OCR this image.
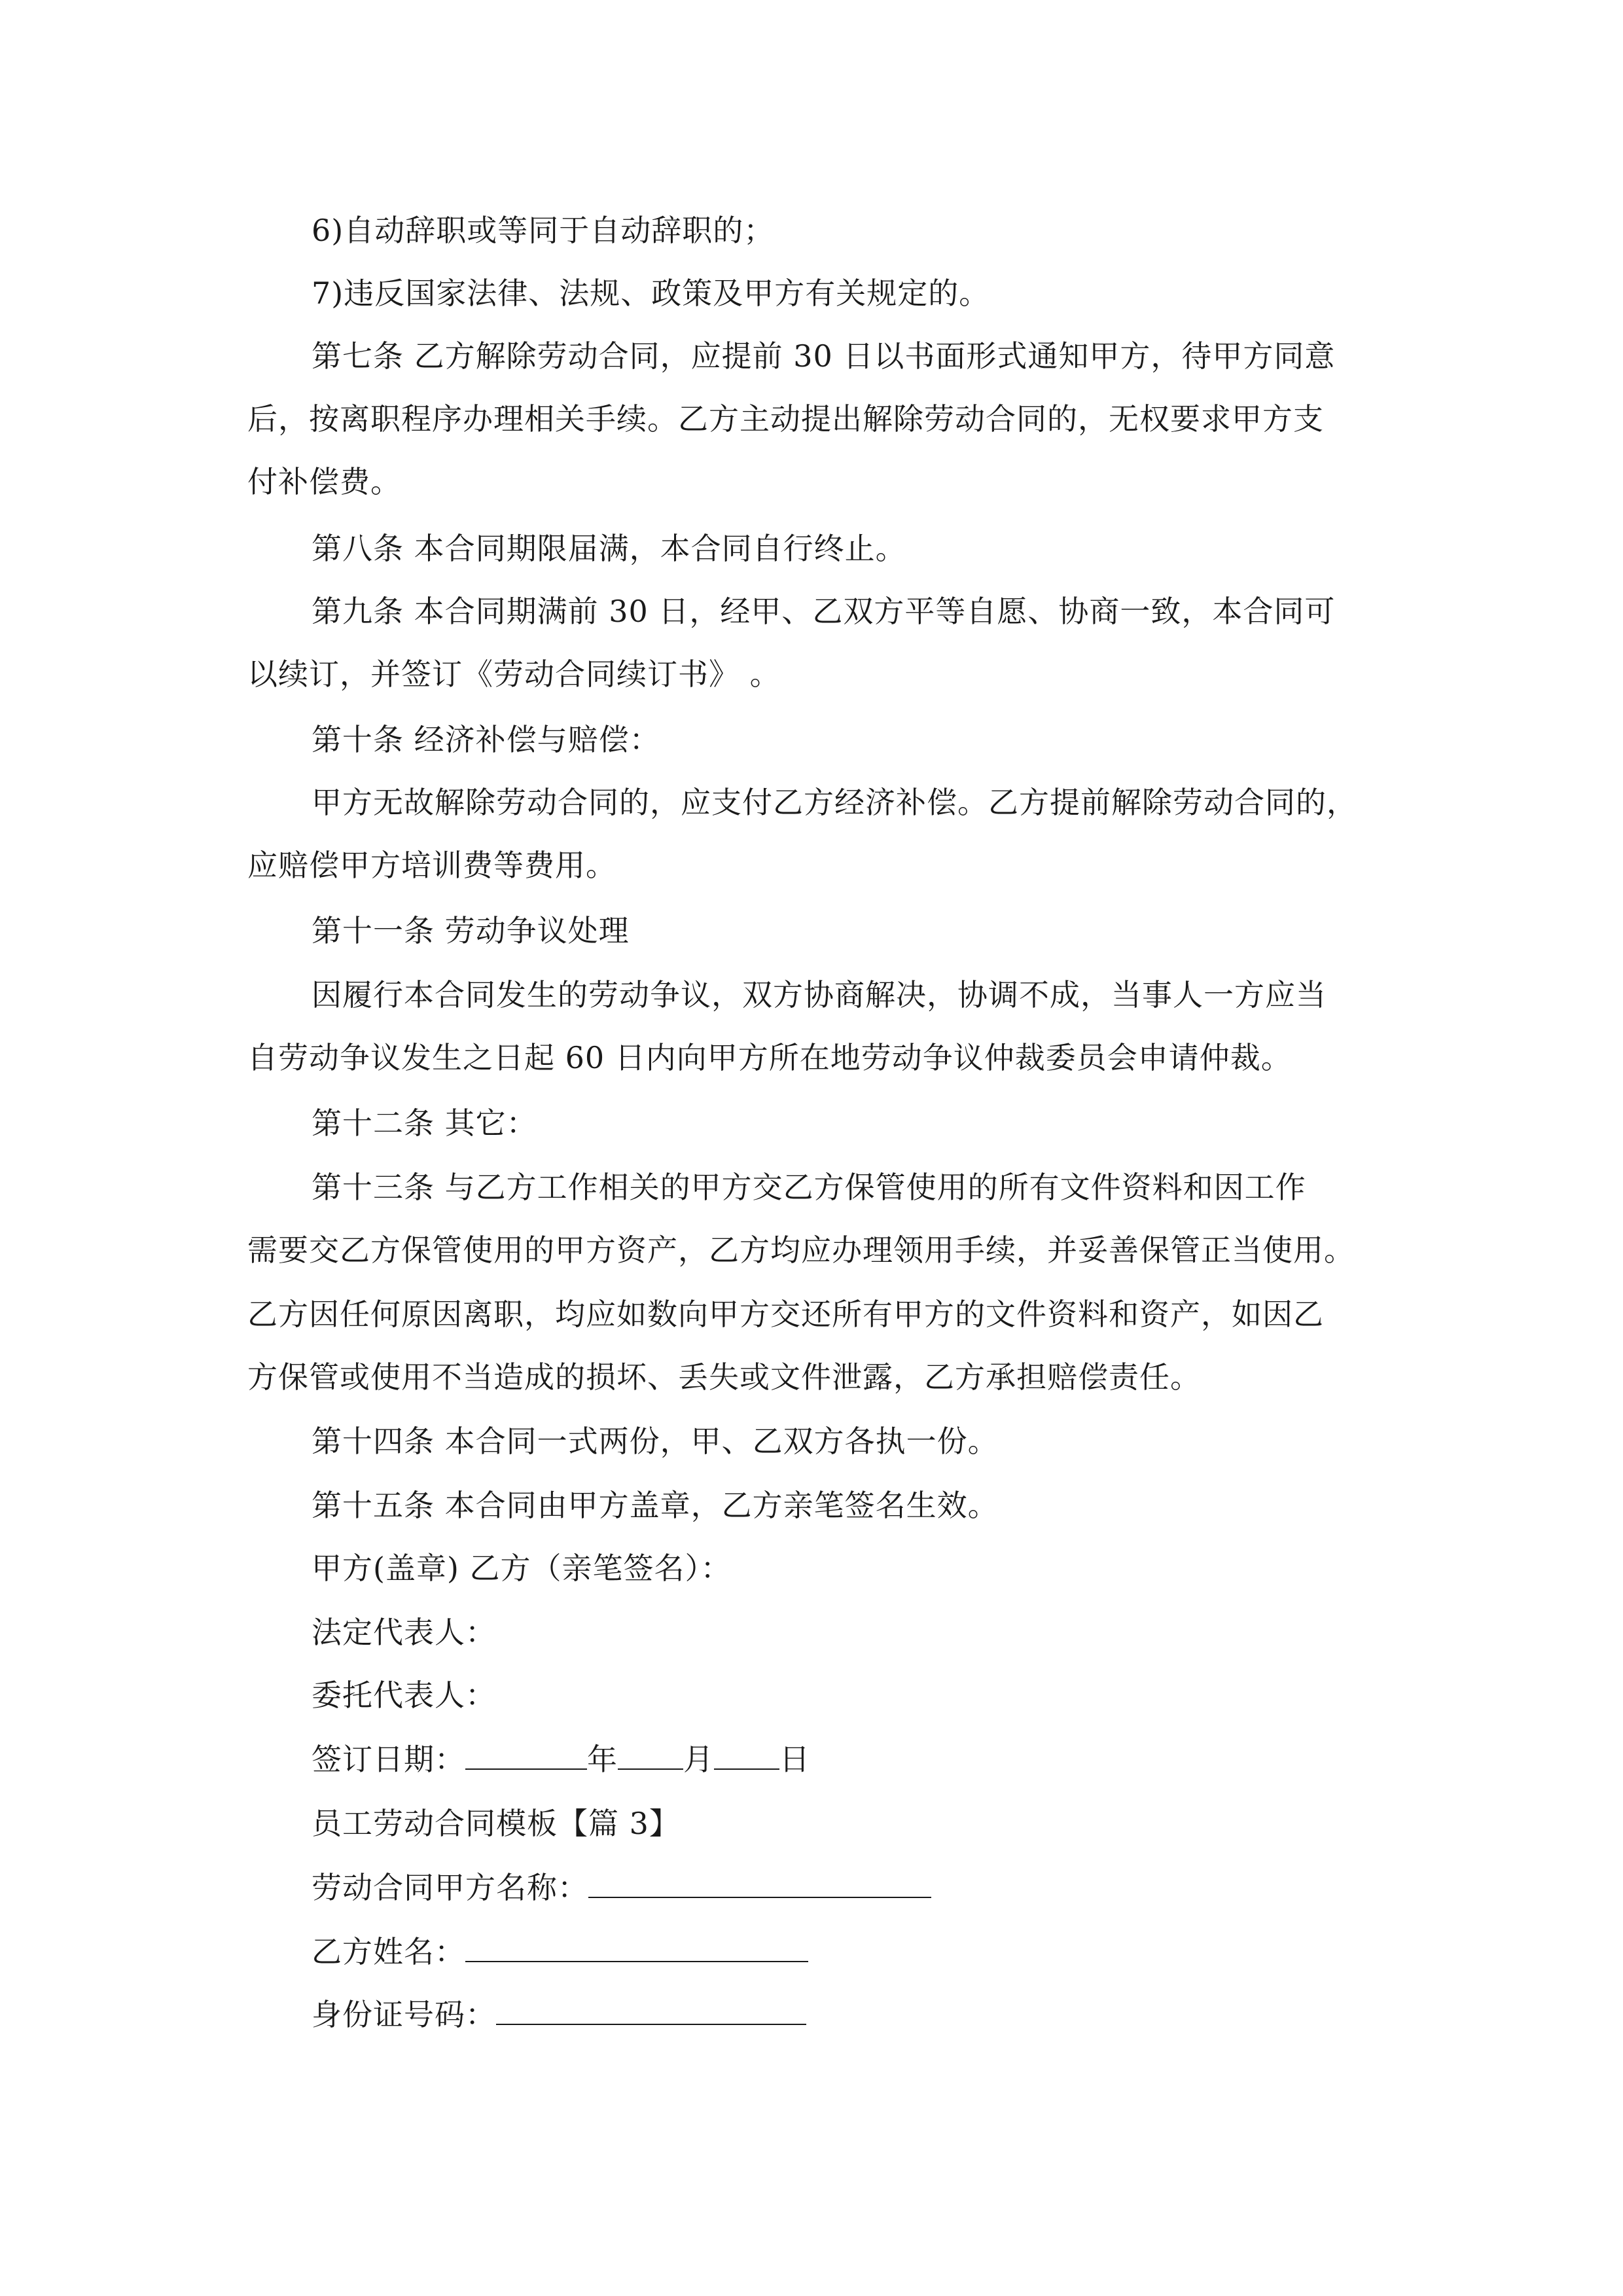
6)自动辞职或等同于自动辞职的；
7)违反国家法律、法规、政策及甲方有关规定的。
第七条 乙方解除劳动合同，应提前 30 日以书面形式通知甲方，待甲方同意
后，按离职程序办理相关手续。乙方主动提出解除劳动合同的，无权要求甲方支
付补偿费。
第八条 本合同期限届满，本合同自行终止。
第九条 本合同期满前 30 日，经甲、乙双方平等自愿、协商一致，本合同可
以续订，并签订《劳动合同续订书》 。
第十条 经济补偿与赔偿：
甲方无故解除劳动合同的，应支付乙方经济补偿。乙方提前解除劳动合同的，
应赔偿甲方培训费等费用。
第十一条 劳动争议处理
因履行本合同发生的劳动争议，双方协商解决，协调不成，当事人一方应当
自劳动争议发生之日起 60 日内向甲方所在地劳动争议仲裁委员会申请仲裁。
第十二条 其它：
第十三条 与乙方工作相关的甲方交乙方保管使用的所有文件资料和因工作
需要交乙方保管使用的甲方资产，乙方均应办理领用手续，并妥善保管正当使用。
乙方因任何原因离职，均应如数向甲方交还所有甲方的文件资料和资产，如因乙
方保管或使用不当造成的损坏、丢失或文件泄露，乙方承担赔偿责任。
第十四条 本合同一式两份，甲、乙双方各执一份。
第十五条 本合同由甲方盖章，乙方亲笔签名生效。
甲方(盖章) 乙方（亲笔签名）：
法定代表人：
委托代表人：
签订日期：	年 月 日
员工劳动合同模板【篇 3】
劳动合同甲方名称：
乙方姓名：
身份证号码：
